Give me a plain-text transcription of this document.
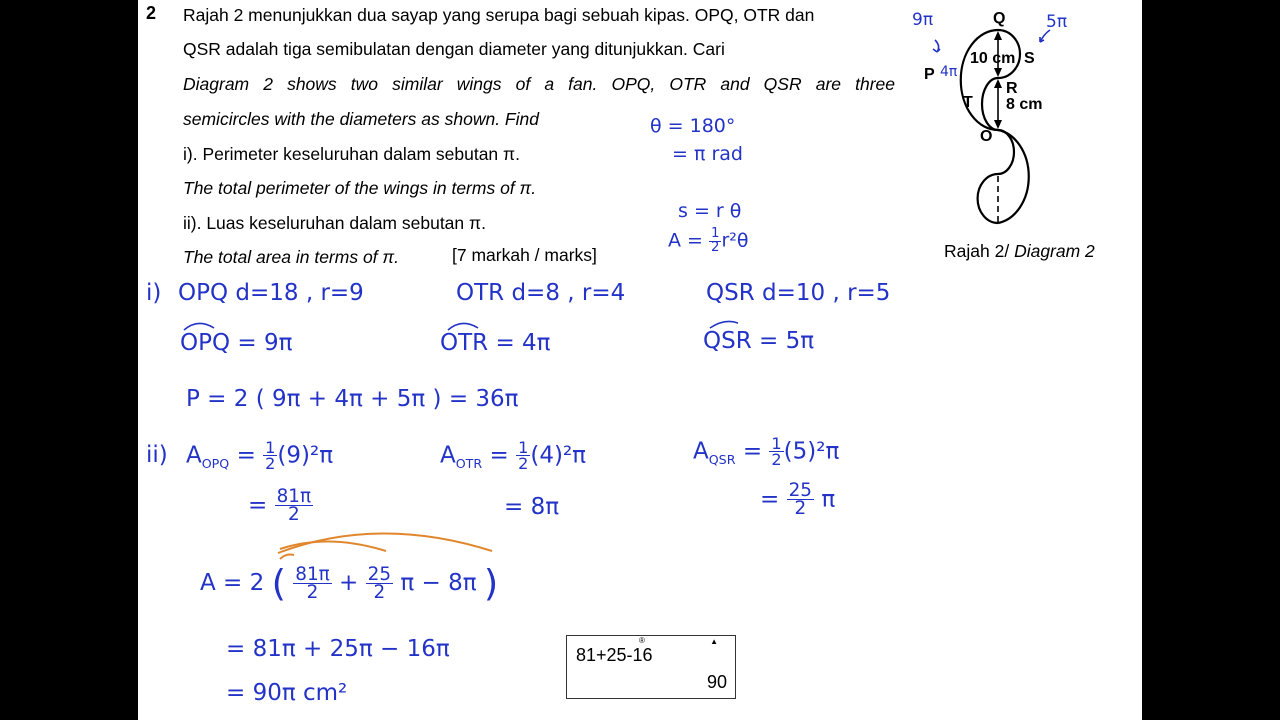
2 Rajah 2 menunjukkan dua sayap yang serupa bagi sebuah kipas. OPQ, OTR dan
QSR adalah tiga semibulatan dengan diameter yang ditunjukkan. Cari
Diagram 2 shows two similar wings of a fan. OPQ, OTR and QSR are three
semicircles with the diameters as shown. Find
i). Perimeter keseluruhan dalam sebutan π.
The total perimeter of the wings in terms of π.
ii). Luas keseluruhan dalam sebutan π.
The total area in terms of π.	[7 markah / marks]
Q
S
P
R
T
O
10 cm
8 cm
9π	5π
4π
Rajah 2/ Diagram 2
θ = 180°
= π rad
s = r θ
$A = \frac{1}{2} r^2\theta$
i) OPQ d=18 , r=9	OTR d=8 , r=4	QSR d=10 , r=5
OPQ = 9π	OTR = 4π	QSR = 5π
P = 2 ( 9π + 4π + 5π ) = 36π
ii) $A_{OPQ} = \frac{1}{2} (9)^2\pi$	$A_{OTR} = \frac{1}{2} (4)^2\pi$	$A_{QSR} = \frac{1}{2} (5)^2\pi$
= $\frac{81\pi}{2}$	= 8π	= $\frac{25}{2}$ π
A = 2 ( $\frac{81\pi}{2} + \frac{25}{2}$ π − 8π )
= 81π + 25π − 16π
= 90π cm²
®	▲
81+25-16
90
